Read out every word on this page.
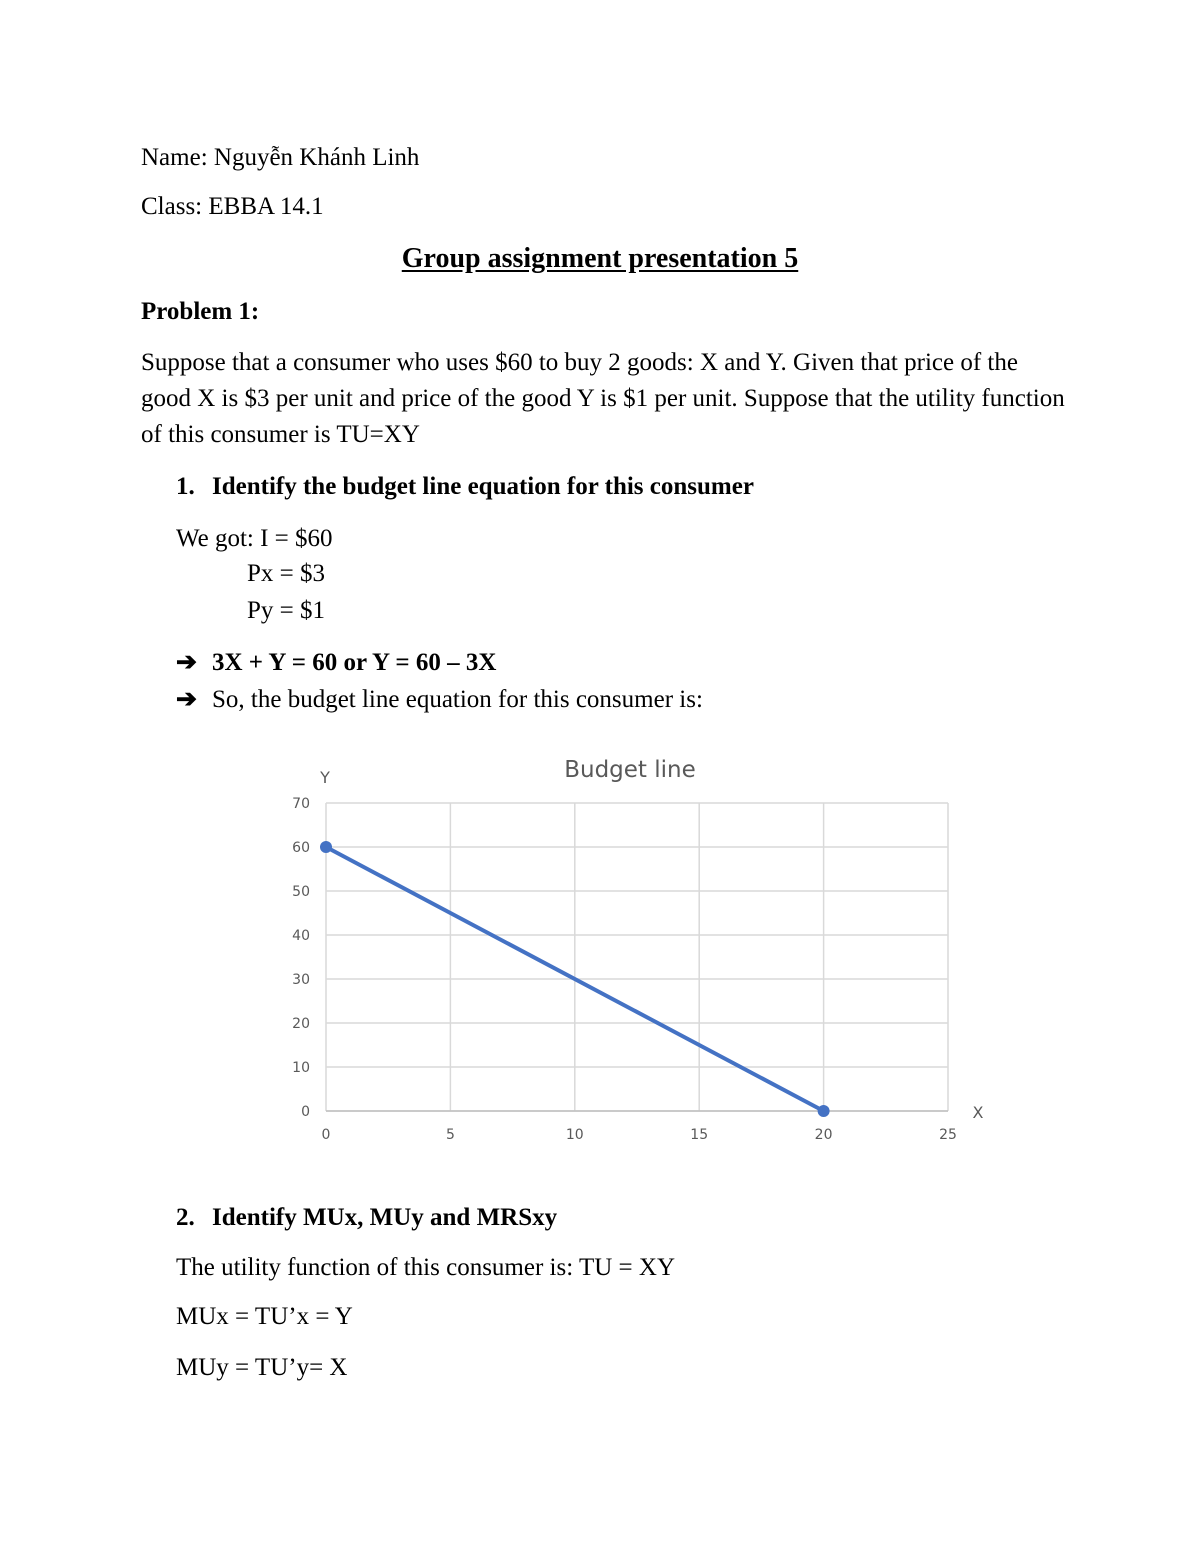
Name: Nguyễn Khánh Linh
Class: EBBA 14.1
Group assignment presentation 5
Problem 1:
Suppose that a consumer who uses $60 to buy 2 goods: X and Y. Given that price of the good X is $3 per unit and price of the good Y is $1 per unit. Suppose that the utility function of this consumer is TU=XY
1. Identify the budget line equation for this consumer
We got: I = $60
Px = $3
Py = $1
➔ 3X + Y = 60 or Y = 60 – 3X
➔ So, the budget line equation for this consumer is:
0
10
20
30
40
50
60
70
0	5	10	15	20	25
Budget line
Y
X
2. Identify MUx, MUy and MRSxy
The utility function of this consumer is: TU = XY
MUx = TU’x = Y
MUy = TU’y= X
